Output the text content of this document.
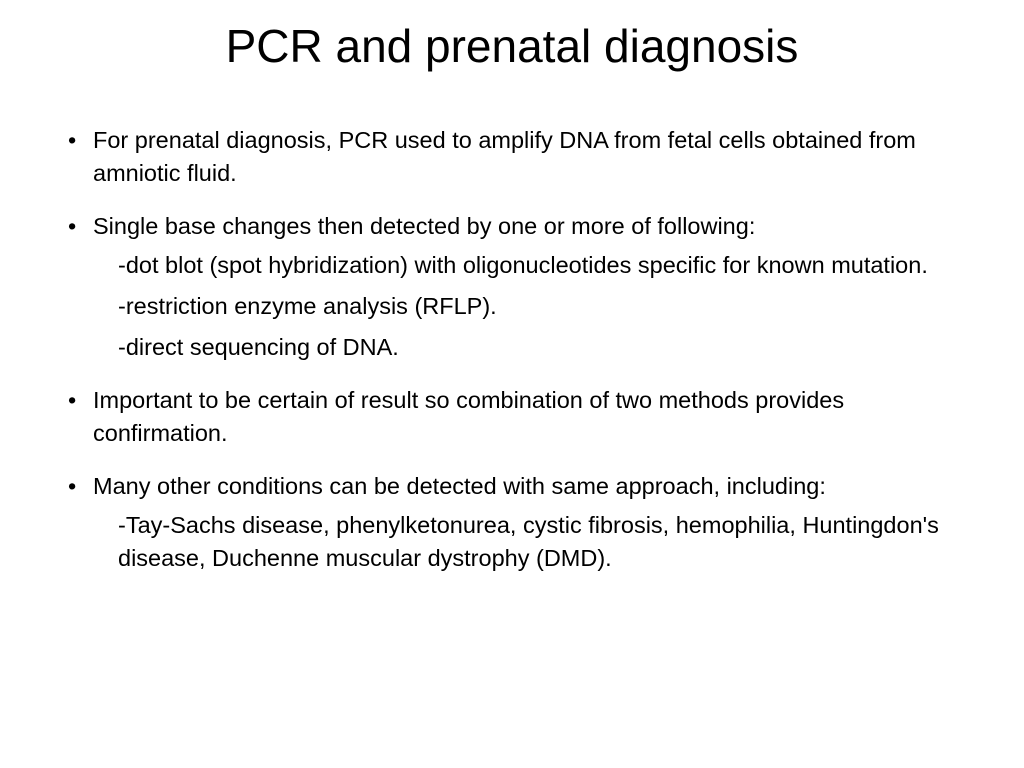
PCR and prenatal diagnosis
• For prenatal diagnosis, PCR used to amplify DNA from fetal cells obtained from amniotic fluid.
• Single base changes then detected by one or more of following:
-dot blot (spot hybridization) with oligonucleotides specific for known mutation.
-restriction enzyme analysis (RFLP).
-direct sequencing of DNA.
• Important to be certain of result so combination of two methods provides confirmation.
• Many other conditions can be detected with same approach, including:
-Tay-Sachs disease, phenylketonurea, cystic fibrosis, hemophilia, Huntingdon's disease, Duchenne muscular dystrophy (DMD).
